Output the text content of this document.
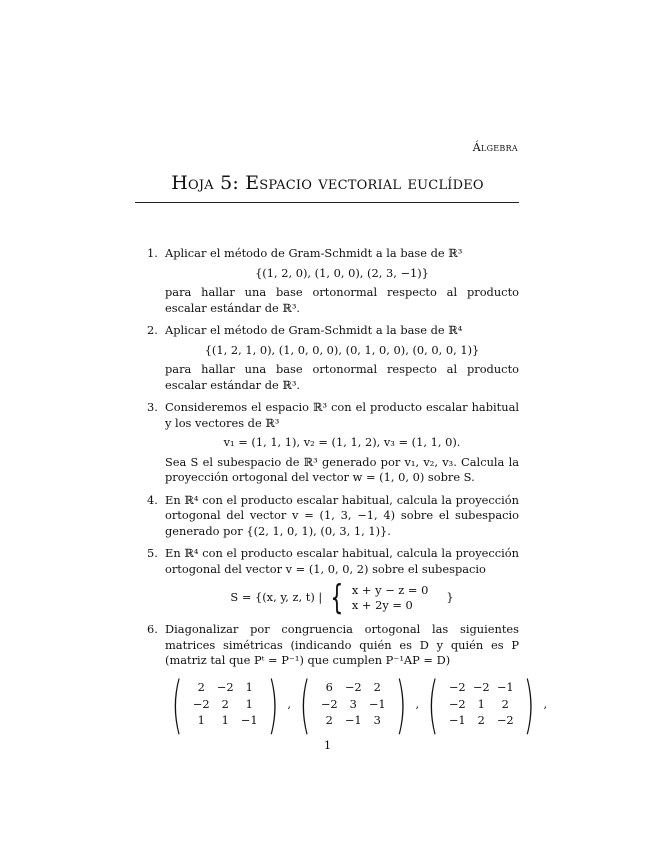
Álgebra
Hoja 5: Espacio vectorial euclídeo
1. Aplicar el método de Gram-Schmidt a la base de ℝ³
{(1, 2, 0), (1, 0, 0), (2, 3, −1)}
para hallar una base ortonormal respecto al producto escalar estándar de ℝ³.
2. Aplicar el método de Gram-Schmidt a la base de ℝ⁴
{(1, 2, 1, 0), (1, 0, 0, 0), (0, 1, 0, 0), (0, 0, 0, 1)}
para hallar una base ortonormal respecto al producto escalar estándar de ℝ³.
3. Consideremos el espacio ℝ³ con el producto escalar habitual y los vectores de ℝ³
v₁ = (1, 1, 1), v₂ = (1, 1, 2), v₃ = (1, 1, 0).
Sea S el subespacio de ℝ³ generado por v₁, v₂, v₃. Calcula la proyección ortogonal del vector w = (1, 0, 0) sobre S.
4. En ℝ⁴ con el producto escalar habitual, calcula la proyección ortogonal del vector v = (1, 3, −1, 4) sobre el subespacio generado por {(2, 1, 0, 1), (0, 3, 1, 1)}.
5. En ℝ⁴ con el producto escalar habitual, calcula la proyección ortogonal del vector v = (1, 0, 0, 2) sobre el subespacio
S = {(x, y, z, t) | { x + y − z = 0
x + 2y = 0
}
6. Diagonalizar por congruencia ortogonal las siguientes matrices simétricas (indicando quién es D y quién es P (matriz tal que Pᵗ = P⁻¹) que cumplen P⁻¹AP = D)
(	2	−2	1
−2	2	1
1	1	−1 ) , (	6	−2	2
−2	3	−1
2	−1	3 ) , ( −2 −2 −1
−2	1	2
−1	2	−2 ) ,
1
